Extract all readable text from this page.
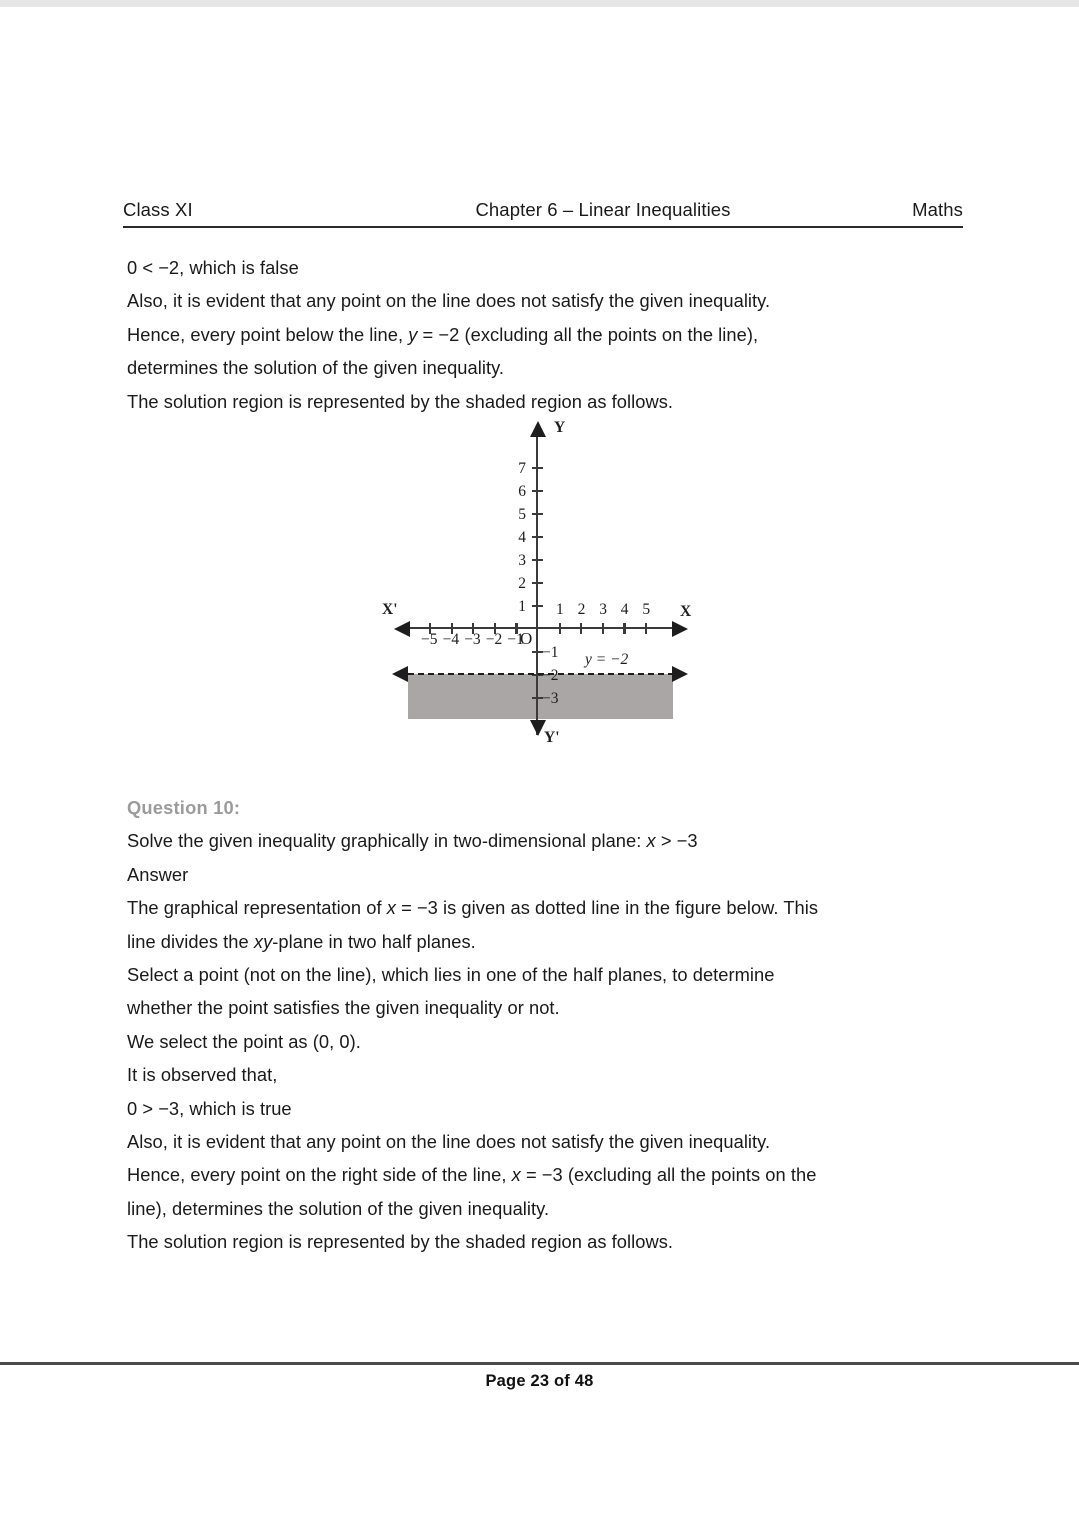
Class XI	Chapter 6 – Linear Inequalities	Maths
0 < −2, which is false
Also, it is evident that any point on the line does not satisfy the given inequality.
Hence, every point below the line, y = −2 (excluding all the points on the line),
determines the solution of the given inequality.
The solution region is represented by the shaded region as follows.
−5 −4 −3 −2 −1
1 2 3 4 5
1
2
3
4
5
6
7
−1
−2
−3
O
Y
Y'
X'	X
y = −2
Question 10:
Solve the given inequality graphically in two-dimensional plane: x > −3
Answer
The graphical representation of x = −3 is given as dotted line in the figure below. This
line divides the xy-plane in two half planes.
Select a point (not on the line), which lies in one of the half planes, to determine
whether the point satisfies the given inequality or not.
We select the point as (0, 0).
It is observed that,
0 > −3, which is true
Also, it is evident that any point on the line does not satisfy the given inequality.
Hence, every point on the right side of the line, x = −3 (excluding all the points on the
line), determines the solution of the given inequality.
The solution region is represented by the shaded region as follows.
Page 23 of 48
